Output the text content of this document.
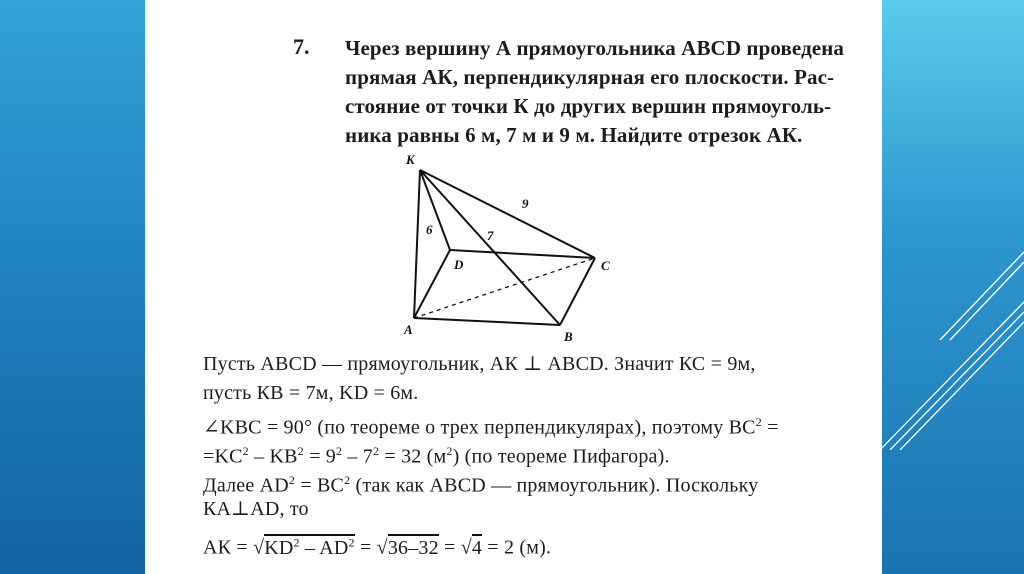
7. Через вершину А прямоугольника ABCD проведена
прямая АК, перпендикулярная его плоскости. Рас-
стояние от точки К до других вершин прямоуголь-
ника равны 6 м, 7 м и 9 м. Найдите отрезок АК.
K
D	C
A	B
6	7
9
Пусть ABCD — прямоугольник, АК ⊥ ABCD. Значит КС = 9м,
пусть КВ = 7м, KD = 6м.
∠KBC = 90° (по теореме о трех перпендикулярах), поэтому $ВС^2$ =
$=KC^2 - KB^2 = 9^2 - 7^2 = 32$ $(м^2)$ (по теореме Пифагора).
Далее $AD^2 = BC^2$ (так как ABCD — прямоугольник). Поскольку
КА⊥AD, то
АК = $√KD^2 - AD^2 = √36-32 = √4 = 2$ (м).
